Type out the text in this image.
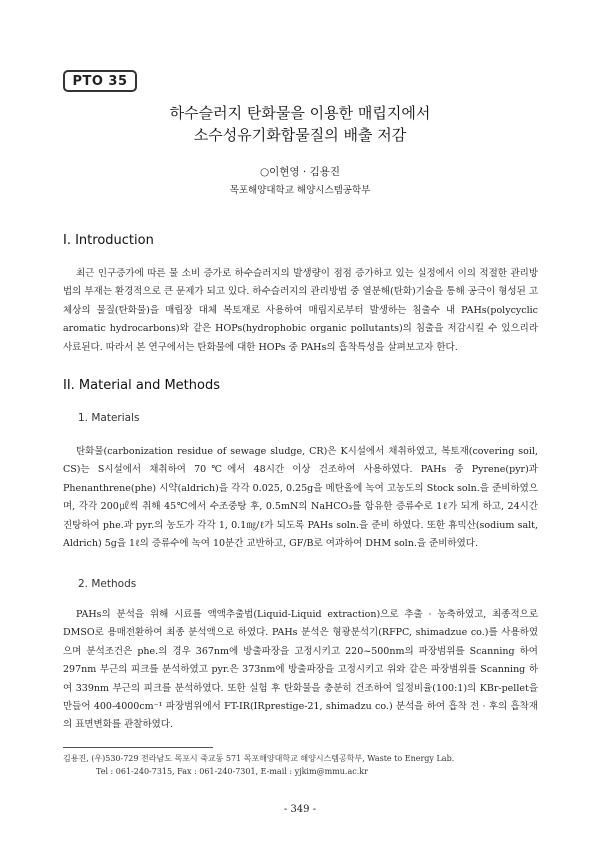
PTO 35
하수슬러지 탄화물을 이용한 매립지에서
소수성유기화합물질의 배출 저감
○이현영 · 김용진
목포해양대학교 해양시스템공학부
I. Introduction
최근 인구증가에 따른 물 소비 증가로 하수슬러지의 발생량이 점점 증가하고 있는 실정에서 이의 적절한 관리방법의 부재는 환경적으로 큰 문제가 되고 있다. 하수슬러지의 관리방법 중 열분해(탄화)기술을 통해 공극이 형성된 고체상의 물질(탄화물)을 매립장 대체 복토재로 사용하여 매립지로부터 발생하는 침출수 내 PAHs(polycyclic aromatic hydrocarbons)와 같은 HOPs(hydrophobic organic pollutants)의 침출을 저감시킬 수 있으리라 사료된다. 따라서 본 연구에서는 탄화물에 대한 HOPs 중 PAHs의 흡착특성을 살펴보고자 한다.
II. Material and Methods
1. Materials
탄화물(carbonization residue of sewage sludge, CR)은 K시설에서 채취하였고, 복토재(covering soil, CS)는 S시설에서 채취하여 70℃에서 48시간 이상 건조하여 사용하였다. PAHs 중 Pyrene(pyr)과 Phenanthrene(phe) 시약(aldrich)을 각각 0.025, 0.25g을 메탄올에 녹여 고농도의 Stock soln.을 준비하였으며, 각각 200㎕씩 취해 45℃에서 수조중탕 후, 0.5mN의 NaHCO₃를 함유한 증류수로 1ℓ가 되게 하고, 24시간 진탕하여 phe.과 pyr.의 농도가 각각 1, 0.1㎎/ℓ가 되도록 PAHs soln.을 준비 하였다. 또한 휴믹산(sodium salt, Aldrich) 5g을 1ℓ의 증류수에 녹여 10분간 교반하고, GF/B로 여과하여 DHM soln.을 준비하였다.
2. Methods
PAHs의 분석을 위해 시료를 액액추출법(Liquid-Liquid extraction)으로 추출 · 농축하였고, 최종적으로 DMSO로 용매전환하여 최종 분석액으로 하였다. PAHs 분석은 형광분석기(RFPC, shimadzue co.)를 사용하였으며 분석조건은 phe.의 경우 367nm에 방출파장을 고정시키고 220~500nm의 파장범위를 Scanning 하여 297nm 부근의 피크를 분석하였고 pyr.은 373nm에 방출파장을 고정시키고 위와 같은 파장범위를 Scanning 하여 339nm 부근의 피크를 분석하였다. 또한 실험 후 탄화물을 충분히 건조하여 일정비율(100:1)의 KBr-pellet을 만들어 400-4000cm⁻¹ 파장범위에서 FT-IR(IRprestige-21, shimadzu co.) 분석을 하여 흡착 전 · 후의 흡착재의 표면변화를 관찰하였다.
김용진, (우)530-729 전라남도 목포시 죽교동 571 목포해양대학교 해양시스템공학부, Waste to Energy Lab.
Tel : 061-240-7315, Fax : 061-240-7301, E-mail : yjkim@mmu.ac.kr
- 349 -
